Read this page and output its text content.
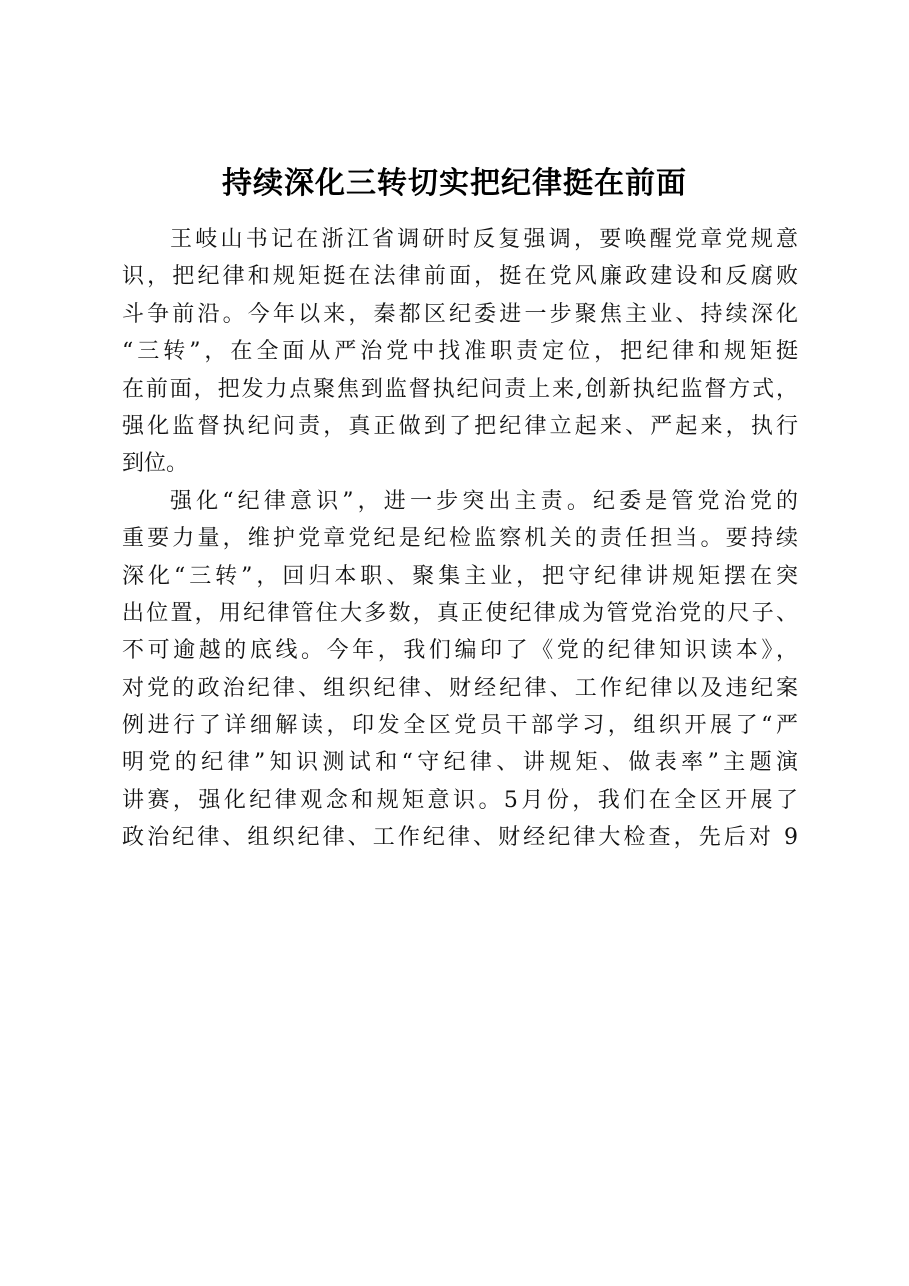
持续深化三转切实把纪律挺在前面
王岐山书记在浙江省调研时反复强调，要唤醒党章党规意
识，把纪律和规矩挺在法律前面，挺在党风廉政建设和反腐败
斗争前沿。今年以来，秦都区纪委进一步聚焦主业、持续深化
“三转”，在全面从严治党中找准职责定位，把纪律和规矩挺
在前面，把发力点聚焦到监督执纪问责上来,创新执纪监督方式，
强化监督执纪问责，真正做到了把纪律立起来、严起来，执行
到位。
强化“纪律意识”，进一步突出主责。纪委是管党治党的
重要力量，维护党章党纪是纪检监察机关的责任担当。要持续
深化“三转”，回归本职、聚集主业，把守纪律讲规矩摆在突
出位置，用纪律管住大多数，真正使纪律成为管党治党的尺子、
不可逾越的底线。今年，我们编印了《党的纪律知识读本》，
对党的政治纪律、组织纪律、财经纪律、工作纪律以及违纪案
例进行了详细解读，印发全区党员干部学习，组织开展了“严
明党的纪律”知识测试和“守纪律、讲规矩、做表率”主题演
讲赛，强化纪律观念和规矩意识。5月份，我们在全区开展了
政治纪律、组织纪律、工作纪律、财经纪律大检查，先后对 9
